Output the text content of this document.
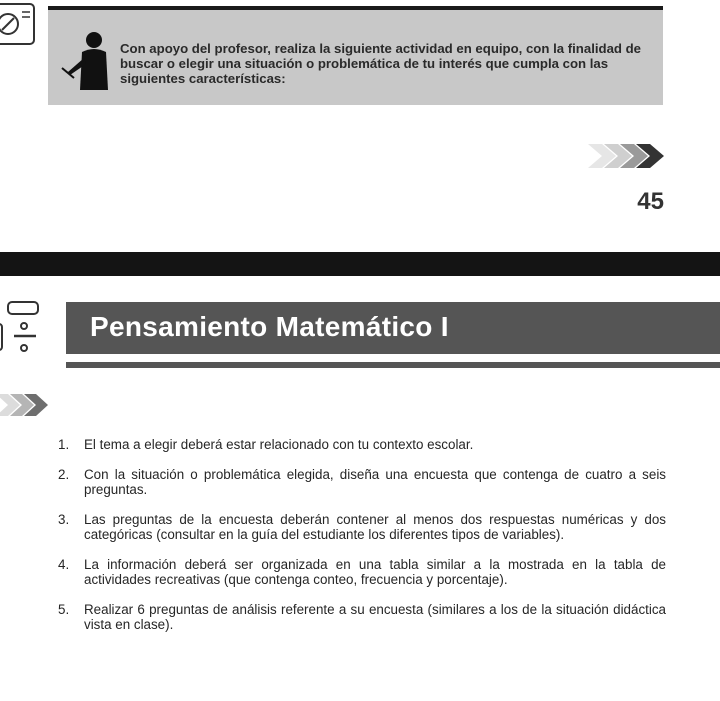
Con apoyo del profesor, realiza la siguiente actividad en equipo, con la finalidad de buscar o elegir una situación o problemática de tu interés que cumpla con las siguientes características:
45
Pensamiento Matemático I
1.	El tema a elegir deberá estar relacionado con tu contexto escolar.
2.	Con la situación o problemática elegida, diseña una encuesta que contenga de cuatro a seis preguntas.
3.	Las preguntas de la encuesta deberán contener al menos dos respuestas numéricas y dos categóricas (consultar en la guía del estudiante los diferentes tipos de variables).
4.	La información deberá ser organizada en una tabla similar a la mostrada en la tabla de actividades recreativas (que contenga conteo, frecuencia y porcentaje).
5.	Realizar 6 preguntas de análisis referente a su encuesta (similares a los de la situación didáctica vista en clase).
